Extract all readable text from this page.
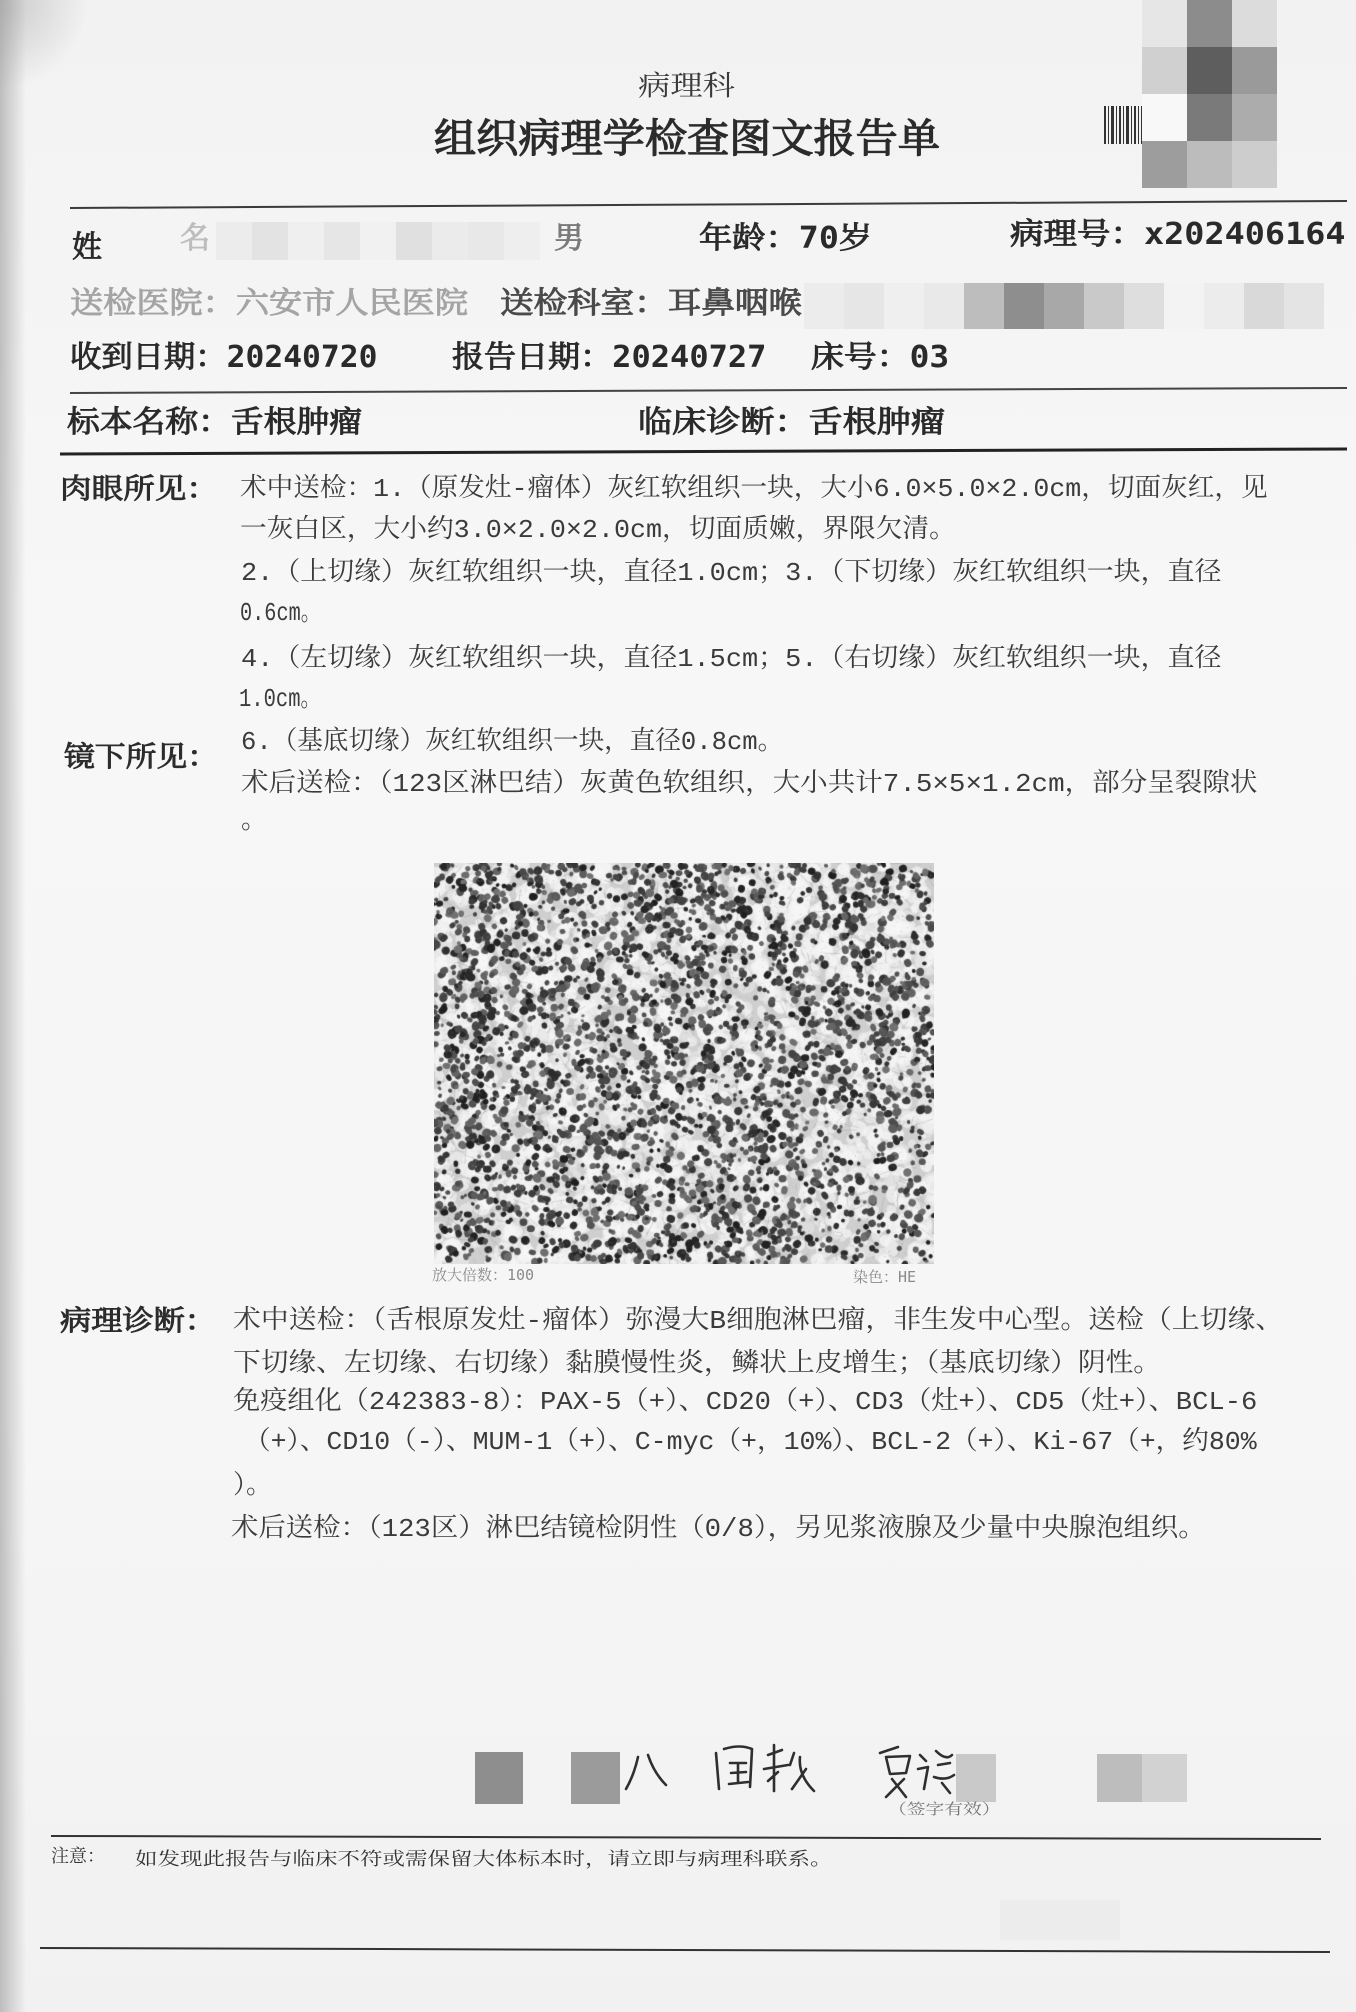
病理科
组织病理学检查图文报告单
姓	名	男	年龄：70岁	病理号：x202406164
送检医院：六安市人民医院 送检科室：耳鼻咽喉
收到日期：20240720 报告日期：20240727 床号：03
标本名称：舌根肿瘤	临床诊断：舌根肿瘤
肉眼所见： 术中送检：1.（原发灶-瘤体）灰红软组织一块，大小6.0×5.0×2.0cm，切面灰红，见
一灰白区，大小约3.0×2.0×2.0cm，切面质嫩，界限欠清。
2.（上切缘）灰红软组织一块，直径1.0cm；3.（下切缘）灰红软组织一块，直径
0.6cm。
4.（左切缘）灰红软组织一块，直径1.5cm；5.（右切缘）灰红软组织一块，直径
1.0cm。
6.（基底切缘）灰红软组织一块，直径0.8cm。
术后送检：（123区淋巴结）灰黄色软组织，大小共计7.5×5×1.2cm，部分呈裂隙状
。
镜下所见：
放大倍数：100	染色：HE
病理诊断： 术中送检：（舌根原发灶-瘤体）弥漫大B细胞淋巴瘤，非生发中心型。送检（上切缘、
下切缘、左切缘、右切缘）黏膜慢性炎，鳞状上皮增生；（基底切缘）阴性。
免疫组化（242383-8）：PAX-5（+）、CD20（+）、CD3（灶+）、CD5（灶+）、BCL-6
（+）、CD10（-）、MUM-1（+）、C-myc（+，10%）、BCL-2（+）、Ki-67（+，约80%
）。
术后送检：（123区）淋巴结镜检阴性（0/8），另见浆液腺及少量中央腺泡组织。
（签字有效）
注意： 如发现此报告与临床不符或需保留大体标本时，请立即与病理科联系。
